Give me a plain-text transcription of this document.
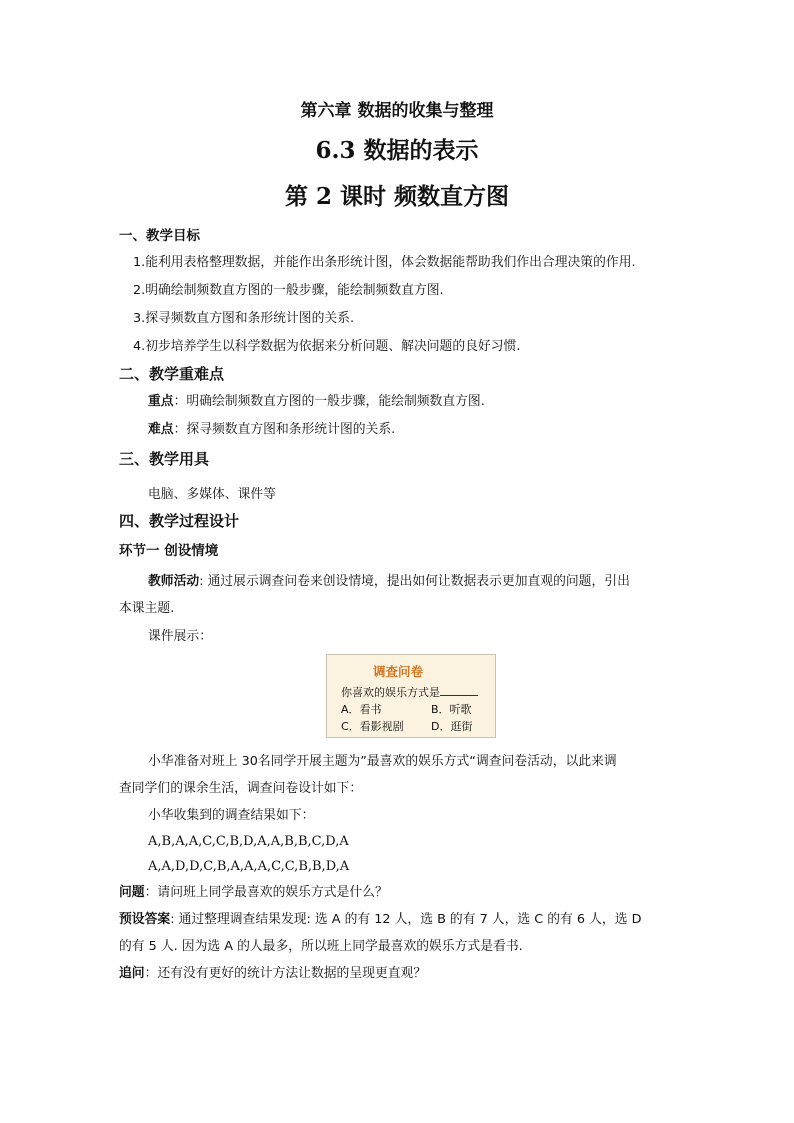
第六章 数据的收集与整理
6.3 数据的表示
第 2 课时 频数直方图
一、教学目标
1.能利用表格整理数据，并能作出条形统计图，体会数据能帮助我们作出合理决策的作用.
2.明确绘制频数直方图的一般步骤，能绘制频数直方图.
3.探寻频数直方图和条形统计图的关系.
4.初步培养学生以科学数据为依据来分析问题、解决问题的良好习惯.
二、教学重难点
重点：明确绘制频数直方图的一般步骤，能绘制频数直方图.
难点：探寻频数直方图和条形统计图的关系.
三、教学用具
电脑、多媒体、课件等
四、教学过程设计
环节一 创设情境
教师活动: 通过展示调查问卷来创设情境，提出如何让数据表示更加直观的问题，引出
本课主题.
课件展示：
调查问卷
你喜欢的娱乐方式是
A．看书	B．听歌
C．看影视剧 D．逛街
小华准备对班上 30名同学开展主题为”最喜欢的娱乐方式“调查问卷活动，以此来调
查同学们的课余生活，调查问卷设计如下：
小华收集到的调查结果如下：
A,B,A,A,C,C,B,D,A,A,B,B,C,D,A
A,A,D,D,C,B,A,A,A,C,C,B,B,D,A
问题：请问班上同学最喜欢的娱乐方式是什么？
预设答案: 通过整理调查结果发现: 选 A 的有 12 人，选 B 的有 7 人，选 C 的有 6 人，选 D
的有 5 人. 因为选 A 的人最多，所以班上同学最喜欢的娱乐方式是看书.
追问：还有没有更好的统计方法让数据的呈现更直观？
